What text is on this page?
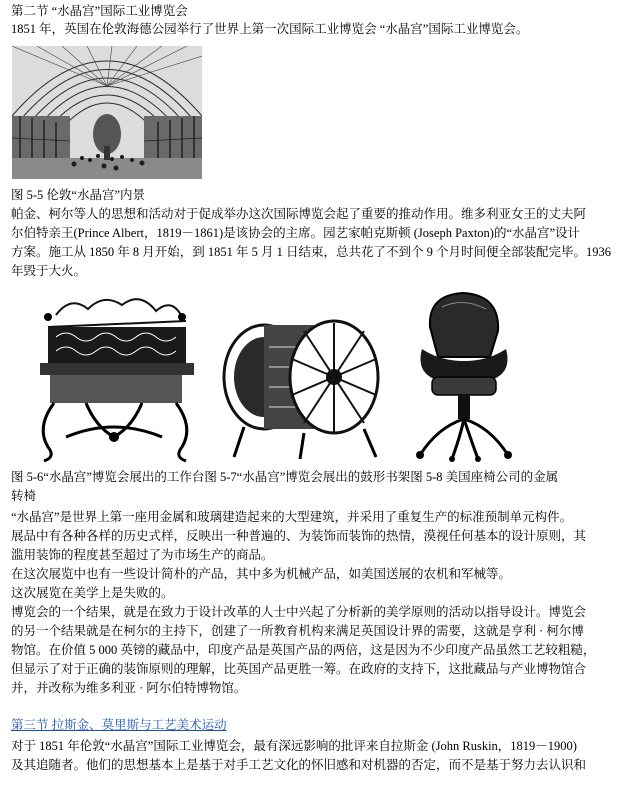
第二节 “水晶宫”国际工业博览会
1851 年，英国在伦敦海德公园举行了世界上第一次国际工业博览会 “水晶宫”国际工业博览会。
图 5-5 伦敦“水晶宫”内景
帕金、柯尔等人的思想和活动对于促成举办这次国际博览会起了重要的推动作用。维多利亚女王的丈夫阿
尔伯特亲王(Prince Albert，1819－1861)是该协会的主席。园艺家帕克斯顿 (Joseph Paxton)的“水晶宫”设计
方案。施工从 1850 年 8 月开始，到 1851 年 5 月 1 日结束，总共花了不到个 9 个月时间便全部装配完毕。1936
年毁于大火。
图 5-6“水晶宫”博览会展出的工作台图 5-7“水晶宫”博览会展出的鼓形书架图 5-8 美国座椅公司的金属
转椅
“水晶宫”是世界上第一座用金属和玻璃建造起来的大型建筑，并采用了重复生产的标准预制单元构件。
展品中有各种各样的历史式样，反映出一种普遍的、为装饰而装饰的热情，漠视任何基本的设计原则，其
滥用装饰的程度甚至超过了为市场生产的商品。
在这次展览中也有一些设计简朴的产品，其中多为机械产品，如美国送展的农机和军械等。
这次展览在美学上是失败的。
博览会的一个结果，就是在致力于设计改革的人士中兴起了分析新的美学原则的活动以指导设计。博览会
的另一个结果就是在柯尔的主持下，创建了一所教育机构来满足英国设计界的需要，这就是亨利 · 柯尔博
物馆。在价值 5 000 英镑的藏品中，印度产品是英国产品的两倍，这是因为不少印度产品虽然工艺较粗糙，
但显示了对于正确的装饰原则的理解，比英国产品更胜一筹。在政府的支持下，这批藏品与产业博物馆合
并，并改称为维多利亚 · 阿尔伯特博物馆。
第三节 拉斯金、莫里斯与工艺美术运动
对于 1851 年伦敦“水晶宫”国际工业博览会，最有深远影响的批评来自拉斯金 (John Ruskin，1819－1900)
及其追随者。他们的思想基本上是基于对手工艺文化的怀旧感和对机器的否定，而不是基于努力去认识和
